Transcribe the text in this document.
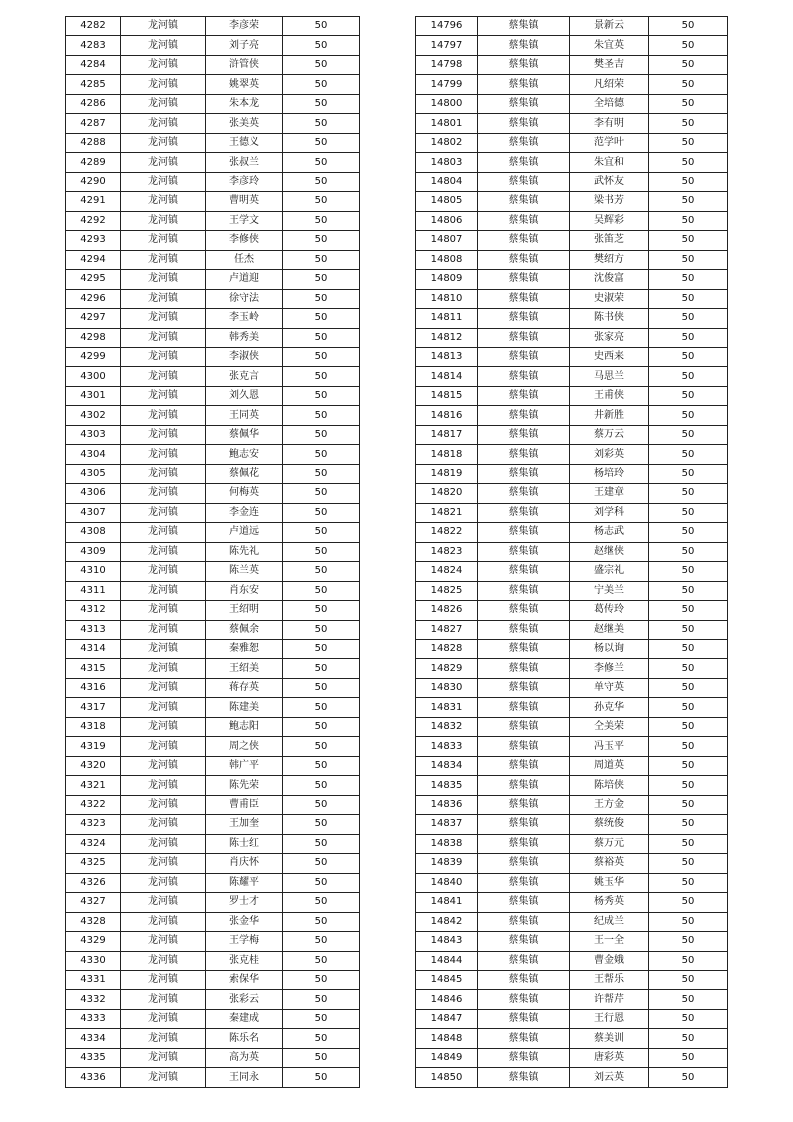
4282	龙河镇	李彦荣	50
4283	龙河镇	刘子亮	50
4284	龙河镇	浒管侠	50
4285	龙河镇	姚翠英	50
4286	龙河镇	朱本龙	50
4287	龙河镇	张美英	50
4288	龙河镇	王德义	50
4289	龙河镇	张叔兰	50
4290	龙河镇	李彦玲	50
4291	龙河镇	曹明英	50
4292	龙河镇	王学文	50
4293	龙河镇	李修侠	50
4294	龙河镇	任杰	50
4295	龙河镇	卢道迎	50
4296	龙河镇	徐守法	50
4297	龙河镇	李玉岭	50
4298	龙河镇	韩秀美	50
4299	龙河镇	李淑侠	50
4300	龙河镇	张克言	50
4301	龙河镇	刘久恩	50
4302	龙河镇	王同英	50
4303	龙河镇	蔡佩华	50
4304	龙河镇	鲍志安	50
4305	龙河镇	蔡佩花	50
4306	龙河镇	何梅英	50
4307	龙河镇	李金连	50
4308	龙河镇	卢道远	50
4309	龙河镇	陈先礼	50
4310	龙河镇	陈兰英	50
4311	龙河镇	肖东安	50
4312	龙河镇	王绍明	50
4313	龙河镇	蔡佩余	50
4314	龙河镇	秦雅恕	50
4315	龙河镇	王绍美	50
4316	龙河镇	蒋存英	50
4317	龙河镇	陈建美	50
4318	龙河镇	鲍志阳	50
4319	龙河镇	周之侠	50
4320	龙河镇	韩广平	50
4321	龙河镇	陈先荣	50
4322	龙河镇	曹甫臣	50
4323	龙河镇	王加奎	50
4324	龙河镇	陈士红	50
4325	龙河镇	肖庆怀	50
4326	龙河镇	陈耀平	50
4327	龙河镇	罗士才	50
4328	龙河镇	张金华	50
4329	龙河镇	王学梅	50
4330	龙河镇	张克桂	50
4331	龙河镇	索保华	50
4332	龙河镇	张彩云	50
4333	龙河镇	秦建成	50
4334	龙河镇	陈乐名	50
4335	龙河镇	高为英	50
4336	龙河镇	王同永	50
14796	蔡集镇	景新云	50
14797	蔡集镇	朱宜英	50
14798	蔡集镇	樊圣吉	50
14799	蔡集镇	凡绍荣	50
14800	蔡集镇	全培德	50
14801	蔡集镇	李有明	50
14802	蔡集镇	范学叶	50
14803	蔡集镇	朱宜和	50
14804	蔡集镇	武怀友	50
14805	蔡集镇	梁书芳	50
14806	蔡集镇	吴辉彩	50
14807	蔡集镇	张笛芝	50
14808	蔡集镇	樊绍方	50
14809	蔡集镇	沈俊富	50
14810	蔡集镇	史淑荣	50
14811	蔡集镇	陈书侠	50
14812	蔡集镇	张家亮	50
14813	蔡集镇	史西来	50
14814	蔡集镇	马思兰	50
14815	蔡集镇	王甫侠	50
14816	蔡集镇	井新胜	50
14817	蔡集镇	蔡万云	50
14818	蔡集镇	刘彩英	50
14819	蔡集镇	杨培玲	50
14820	蔡集镇	王建章	50
14821	蔡集镇	刘学科	50
14822	蔡集镇	杨志武	50
14823	蔡集镇	赵继侠	50
14824	蔡集镇	盛宗礼	50
14825	蔡集镇	宁美兰	50
14826	蔡集镇	葛传玲	50
14827	蔡集镇	赵继美	50
14828	蔡集镇	杨以询	50
14829	蔡集镇	李修兰	50
14830	蔡集镇	单守英	50
14831	蔡集镇	孙克华	50
14832	蔡集镇	仝美荣	50
14833	蔡集镇	冯玉平	50
14834	蔡集镇	周道英	50
14835	蔡集镇	陈培侠	50
14836	蔡集镇	王方金	50
14837	蔡集镇	蔡统俊	50
14838	蔡集镇	蔡万元	50
14839	蔡集镇	蔡裕英	50
14840	蔡集镇	姚玉华	50
14841	蔡集镇	杨秀英	50
14842	蔡集镇	纪成兰	50
14843	蔡集镇	王一全	50
14844	蔡集镇	曹金娥	50
14845	蔡集镇	王帮乐	50
14846	蔡集镇	许帮芹	50
14847	蔡集镇	王行恩	50
14848	蔡集镇	蔡美训	50
14849	蔡集镇	唐彩英	50
14850	蔡集镇	刘云英	50
